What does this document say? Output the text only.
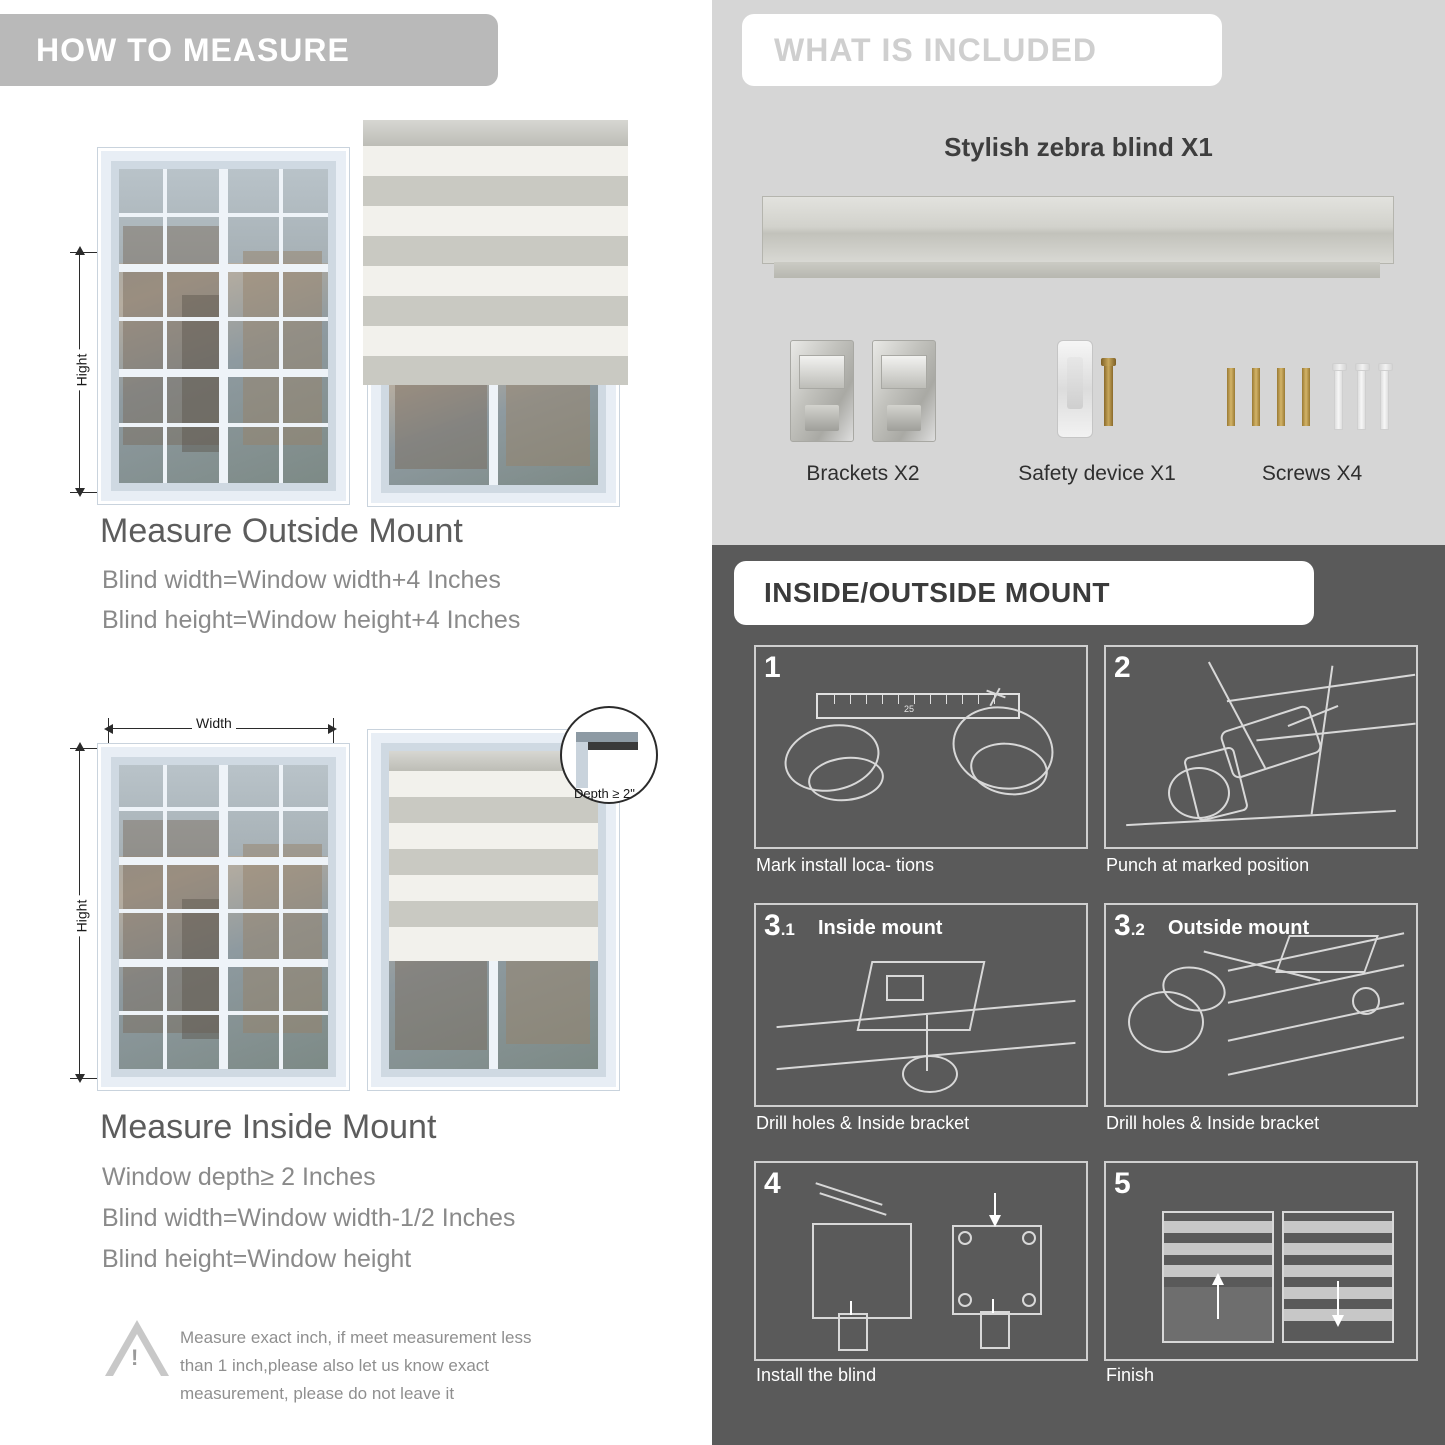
HOW TO MEASURE
Hight
Measure Outside Mount
Blind width=Window width+4 Inches
Blind height=Window height+4 Inches
Width
Hight
Depth ≥ 2"
Measure Inside Mount
Window depth≥ 2 Inches
Blind width=Window width-1/2 Inches
Blind height=Window height
!
Measure exact inch, if meet measurement less
than 1 inch,please also let us know exact
measurement, please do not leave it
WHAT IS INCLUDED
Stylish zebra blind X1
Brackets X2	Safety device X1	Screws X4
INSIDE/OUTSIDE MOUNT
1
25
Mark install loca- tions
2
Punch at marked position
3.1 Inside mount
Drill holes & Inside bracket
3.2 Outside mount
Drill holes & Inside bracket
4
Install the blind
5
Finish
